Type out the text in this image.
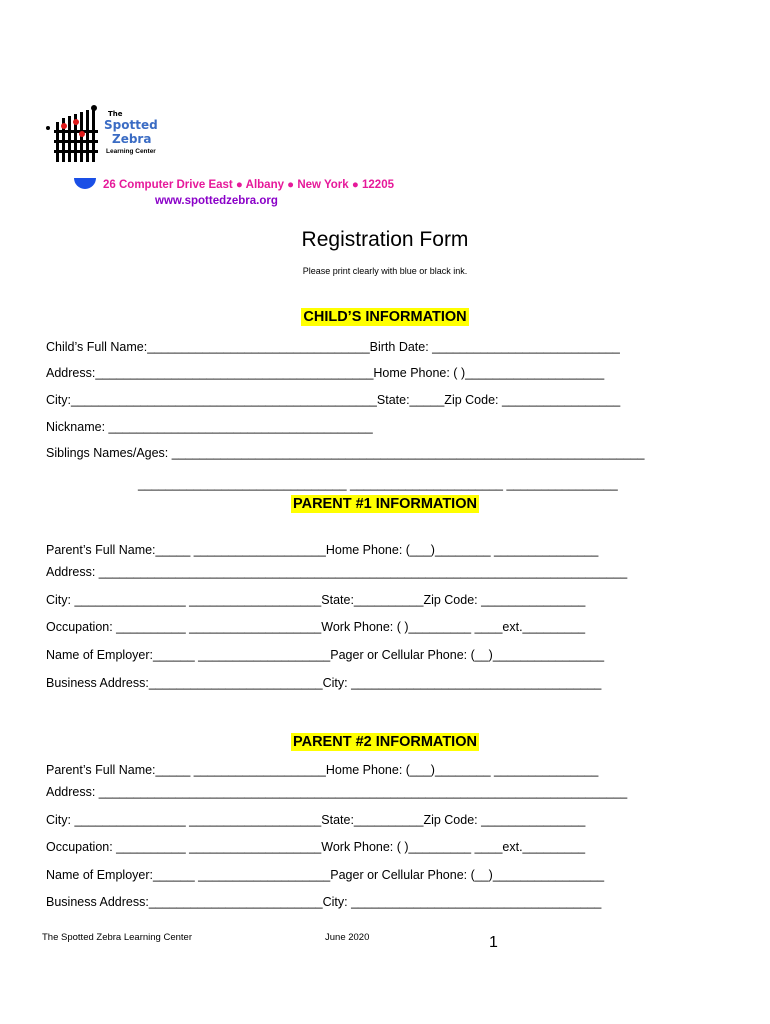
The
Spotted
Zebra
Learning Center
26 Computer Drive East ● Albany ● New York ● 12205
www.spottedzebra.org
Registration Form
Please print clearly with blue or black ink.
CHILD’S INFORMATION
Child’s Full Name:________________________________Birth Date: ___________________________
Address:________________________________________Home Phone: ( )____________________
City:____________________________________________State:_____Zip Code: _________________
Nickname: ______________________________________
Siblings Names/Ages: ____________________________________________________________________
______________________________ ______________________ ________________
PARENT #1 INFORMATION
Parent’s Full Name:_____ ___________________Home Phone: (___)________ _______________
Address: ____________________________________________________________________________
City: ________________ ___________________State:__________Zip Code: _______________
Occupation: __________ ___________________Work Phone: ( )_________ ____ext._________
Name of Employer:______ ___________________Pager or Cellular Phone: (__)________________
Business Address:_________________________City: ____________________________________
PARENT #2 INFORMATION
Parent’s Full Name:_____ ___________________Home Phone: (___)________ _______________
Address: ____________________________________________________________________________
City: ________________ ___________________State:__________Zip Code: _______________
Occupation: __________ ___________________Work Phone: ( )_________ ____ext._________
Name of Employer:______ ___________________Pager or Cellular Phone: (__)________________
Business Address:_________________________City: ____________________________________
The Spotted Zebra Learning Center	June 2020	1
